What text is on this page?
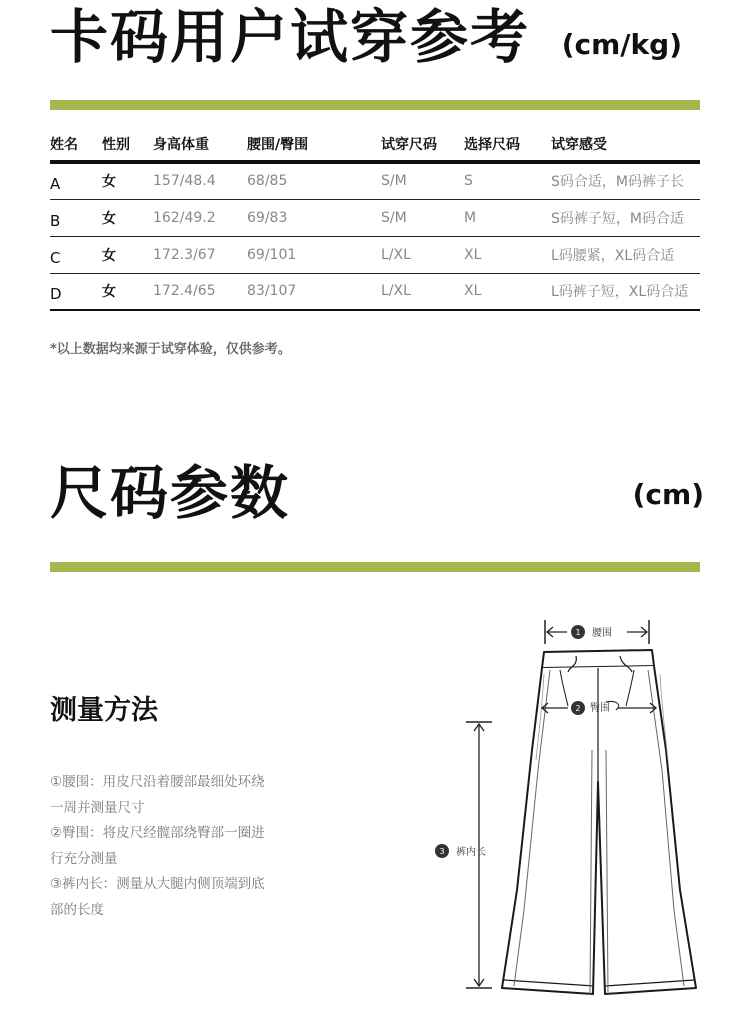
卡码用户试穿参考 (cm/kg)
姓名	性别	身高体重	腰围/臀围	试穿尺码	选择尺码	试穿感受
A	女	157/48.4	68/85	S/M	S	S码合适，M码裤子长
B	女	162/49.2	69/83	S/M	M	S码裤子短，M码合适
C	女	172.3/67	69/101	L/XL	XL	L码腰紧，XL码合适
D	女	172.4/65	83/107	L/XL	XL	L码裤子短，XL码合适
*以上数据均来源于试穿体验，仅供参考。
尺码参数	(cm)
测量方法
①腰围：用皮尺沿着腰部最细处环绕
一周并测量尺寸
②臀围：将皮尺经髋部绕臀部一圈进
行充分测量
③裤内长：测量从大腿内侧顶端到底
部的长度
1 腰围
2 臀围
3 裤内长
